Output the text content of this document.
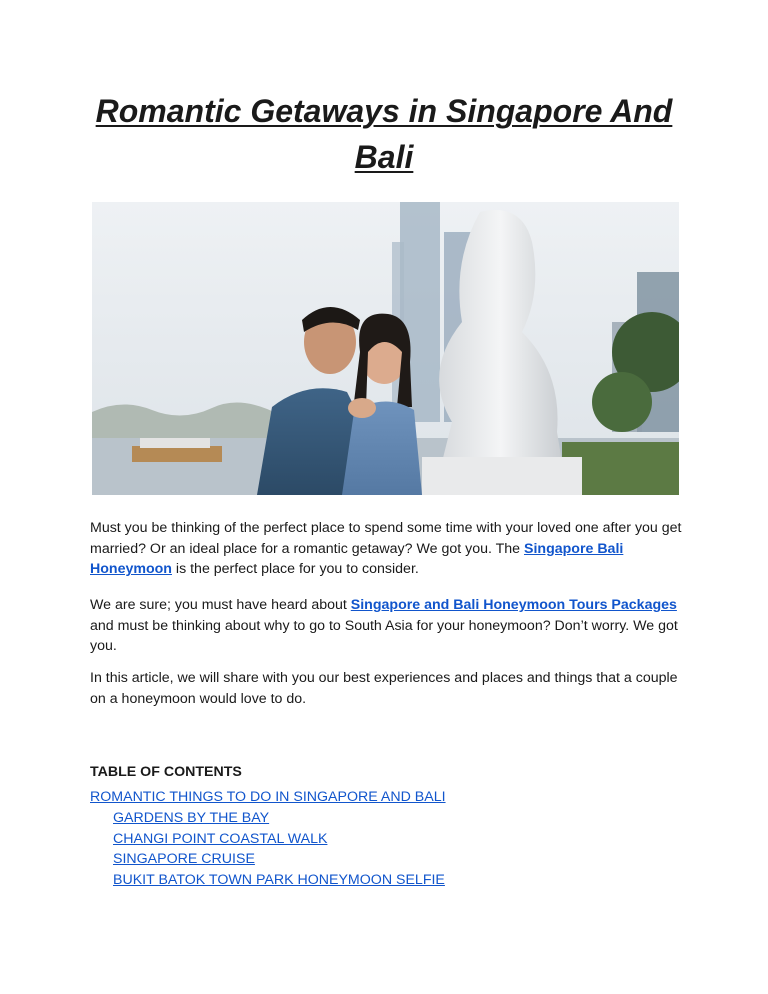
Romantic Getaways in Singapore And Bali

Must you be thinking of the perfect place to spend some time with your loved one after you get married? Or an ideal place for a romantic getaway? We got you. The Singapore Bali Honeymoon is the perfect place for you to consider.

We are sure; you must have heard about Singapore and Bali Honeymoon Tours Packages and must be thinking about why to go to South Asia for your honeymoon? Don’t worry. We got you.

In this article, we will share with you our best experiences and places and things that a couple on a honeymoon would love to do.

TABLE OF CONTENTS
ROMANTIC THINGS TO DO IN SINGAPORE AND BALI
GARDENS BY THE BAY
CHANGI POINT COASTAL WALK
SINGAPORE CRUISE
BUKIT BATOK TOWN PARK HONEYMOON SELFIE
